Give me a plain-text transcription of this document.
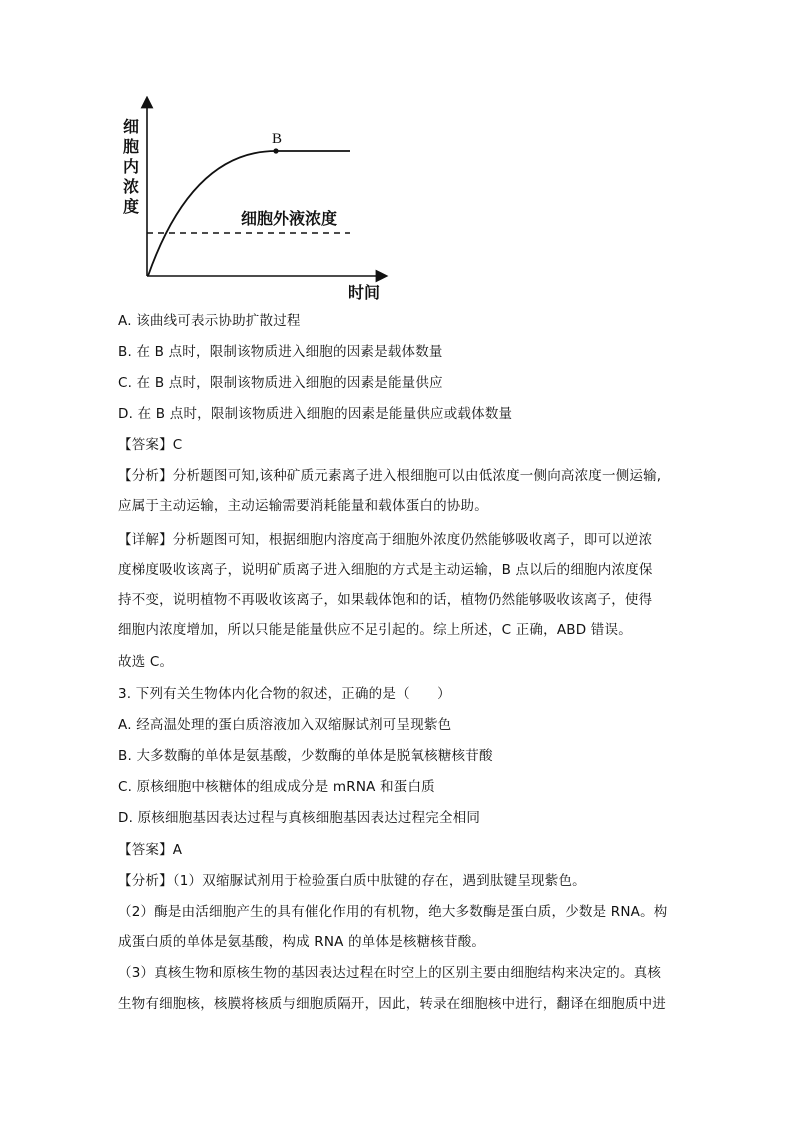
B
细胞外液浓度
时间
细
胞
内
浓
度
A. 该曲线可表示协助扩散过程
B. 在 B 点时，限制该物质进入细胞的因素是载体数量
C. 在 B 点时，限制该物质进入细胞的因素是能量供应
D. 在 B 点时，限制该物质进入细胞的因素是能量供应或载体数量
【答案】C
【分析】分析题图可知,该种矿质元素离子进入根细胞可以由低浓度一侧向高浓度一侧运输,
应属于主动运输，主动运输需要消耗能量和载体蛋白的协助。
【详解】分析题图可知，根据细胞内溶度高于细胞外浓度仍然能够吸收离子，即可以逆浓
度梯度吸收该离子，说明矿质离子进入细胞的方式是主动运输，B 点以后的细胞内浓度保
持不变，说明植物不再吸收该离子，如果载体饱和的话，植物仍然能够吸收该离子，使得
细胞内浓度增加，所以只能是能量供应不足引起的。综上所述，C 正确，ABD 错误。
故选 C。
3. 下列有关生物体内化合物的叙述，正确的是（　　）
A. 经高温处理的蛋白质溶液加入双缩脲试剂可呈现紫色
B. 大多数酶的单体是氨基酸，少数酶的单体是脱氧核糖核苷酸
C. 原核细胞中核糖体的组成成分是 mRNA 和蛋白质
D. 原核细胞基因表达过程与真核细胞基因表达过程完全相同
【答案】A
【分析】（1）双缩脲试剂用于检验蛋白质中肽键的存在，遇到肽键呈现紫色。
（2）酶是由活细胞产生的具有催化作用的有机物，绝大多数酶是蛋白质，少数是 RNA。构
成蛋白质的单体是氨基酸，构成 RNA 的单体是核糖核苷酸。
（3）真核生物和原核生物的基因表达过程在时空上的区别主要由细胞结构来决定的。真核
生物有细胞核，核膜将核质与细胞质隔开，因此，转录在细胞核中进行，翻译在细胞质中进
